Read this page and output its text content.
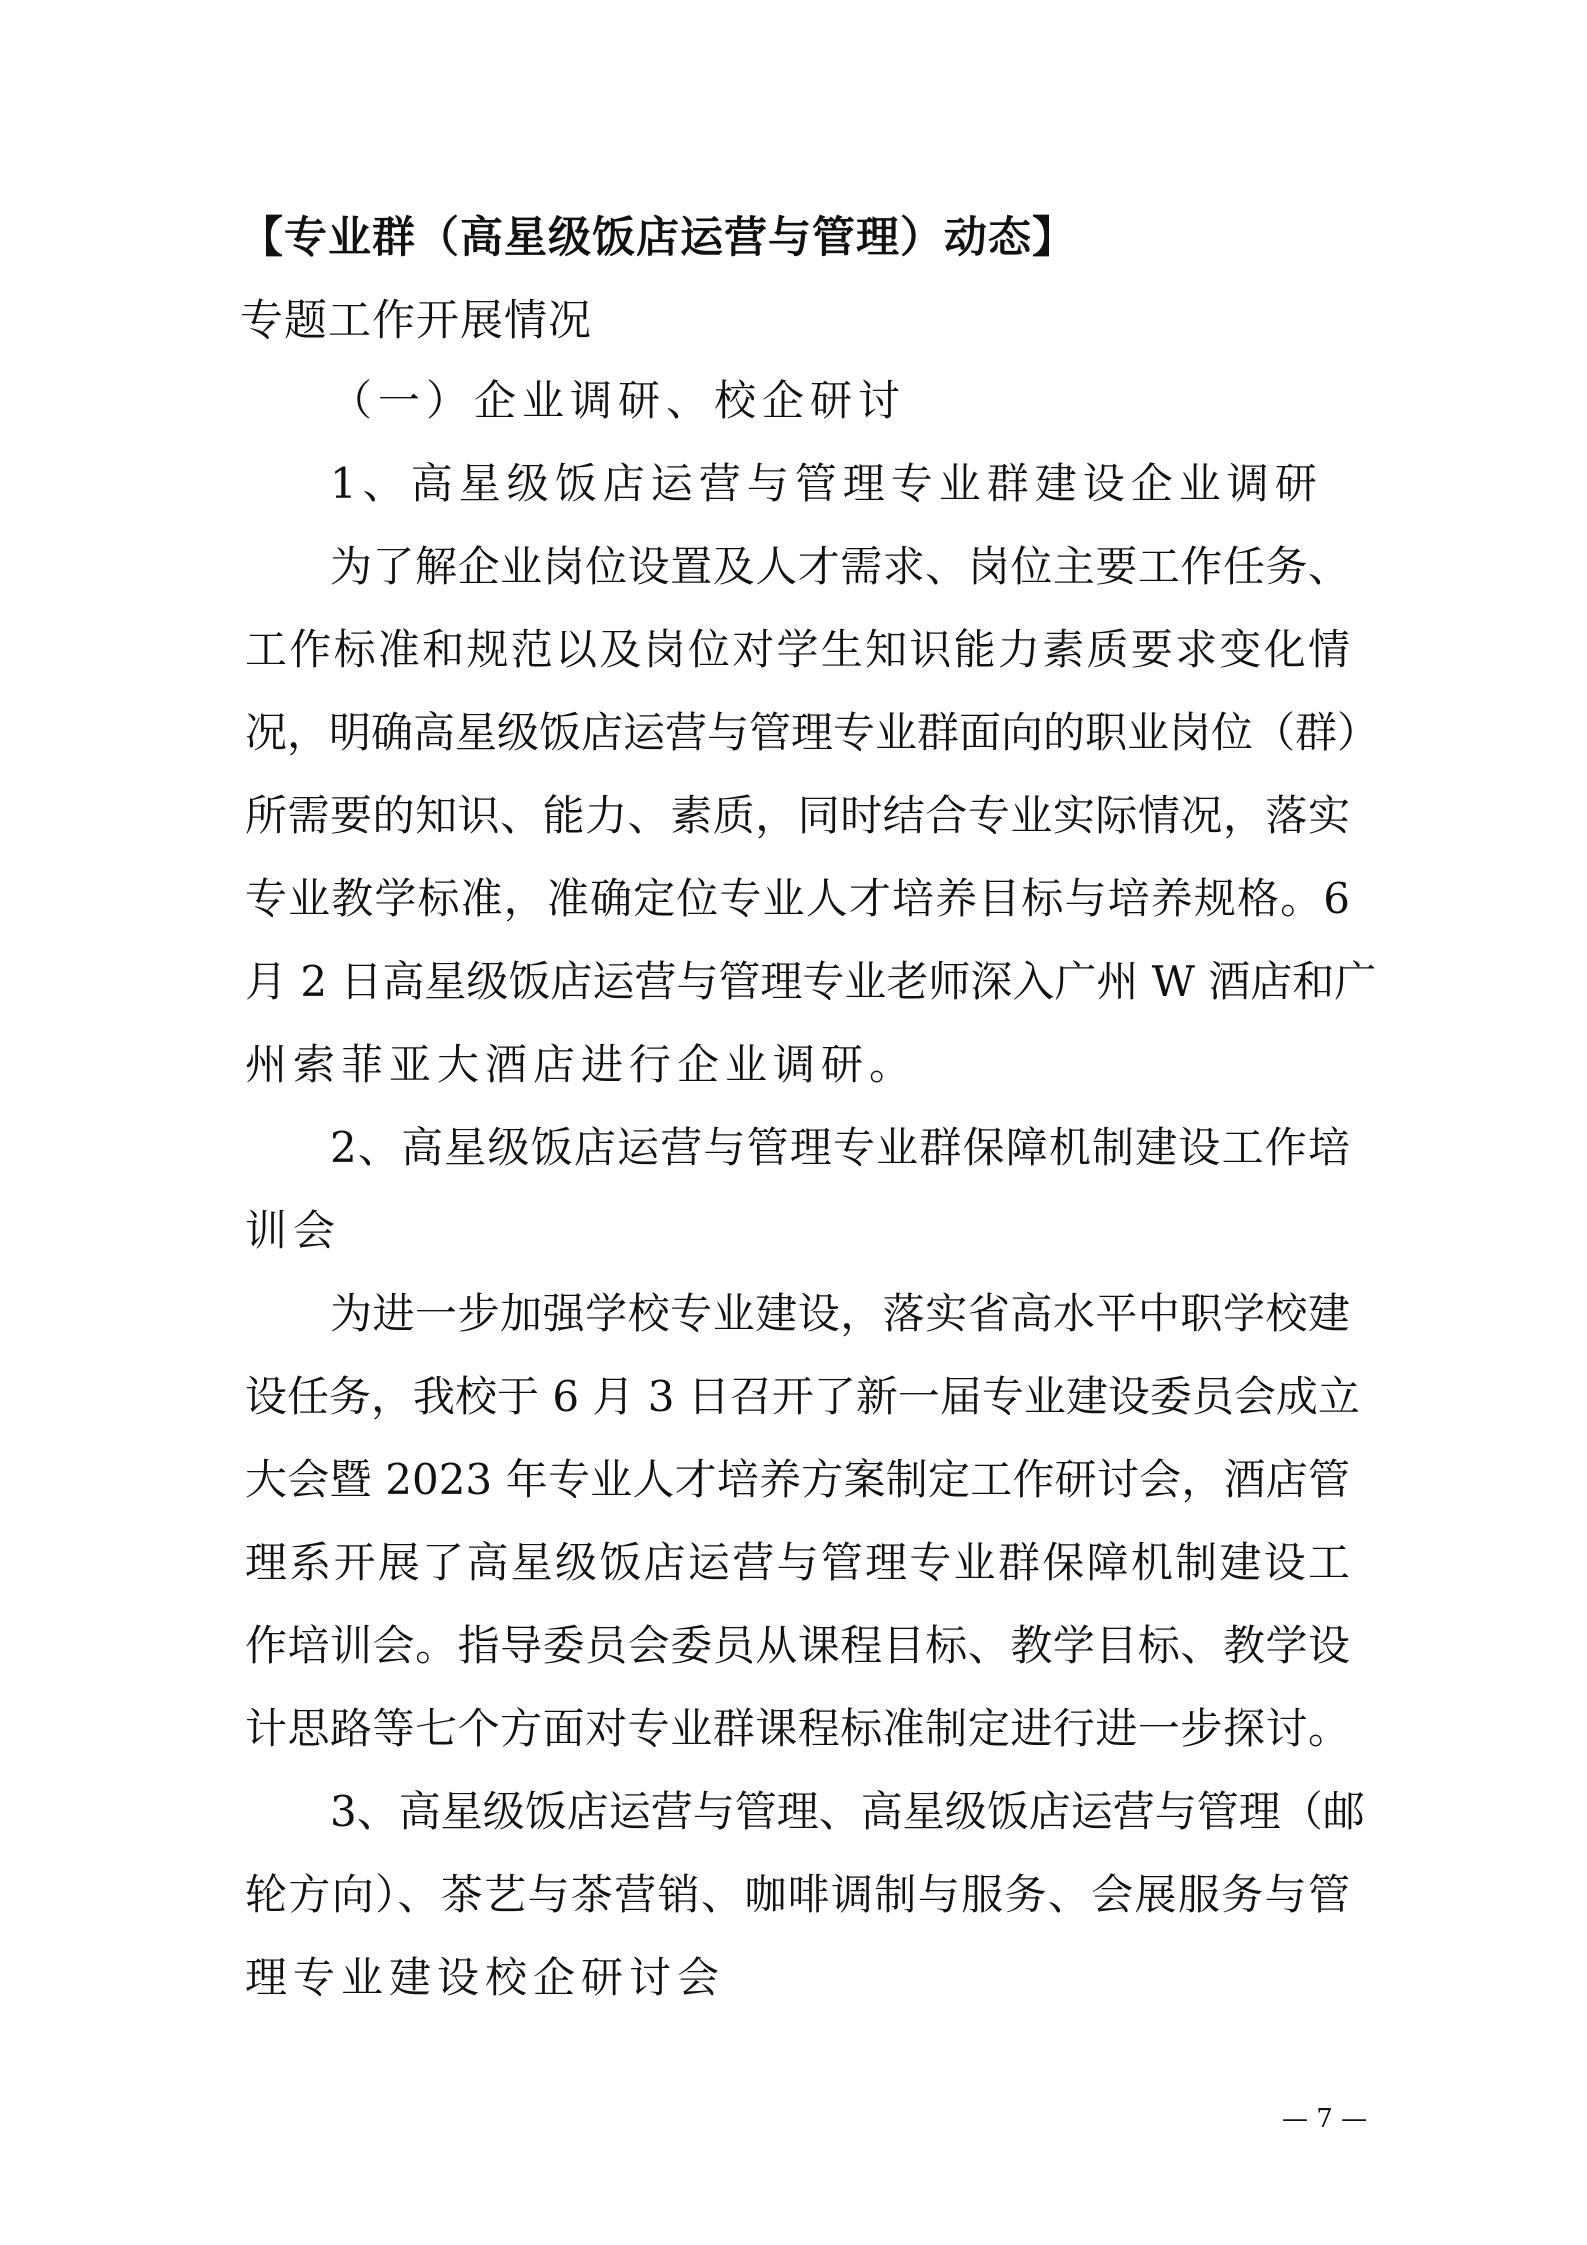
【专业群（高星级饭店运营与管理）动态】
专题工作开展情况
（一）企业调研、校企研讨
1、高星级饭店运营与管理专业群建设企业调研
为了解企业岗位设置及人才需求、岗位主要工作任务、
工作标准和规范以及岗位对学生知识能力素质要求变化情
况，明确高星级饭店运营与管理专业群面向的职业岗位（群）
所需要的知识、能力、素质，同时结合专业实际情况，落实
专业教学标准，准确定位专业人才培养目标与培养规格。6
月 2 日高星级饭店运营与管理专业老师深入广州 W 酒店和广
州索菲亚大酒店进行企业调研。
2、高星级饭店运营与管理专业群保障机制建设工作培
训会
为进一步加强学校专业建设，落实省高水平中职学校建
设任务，我校于 6 月 3 日召开了新一届专业建设委员会成立
大会暨 2023 年专业人才培养方案制定工作研讨会，酒店管
理系开展了高星级饭店运营与管理专业群保障机制建设工
作培训会。指导委员会委员从课程目标、教学目标、教学设
计思路等七个方面对专业群课程标准制定进行进一步探讨。
3、高星级饭店运营与管理、高星级饭店运营与管理（邮
轮方向）、茶艺与茶营销、咖啡调制与服务、会展服务与管
理专业建设校企研讨会
— 7 —
